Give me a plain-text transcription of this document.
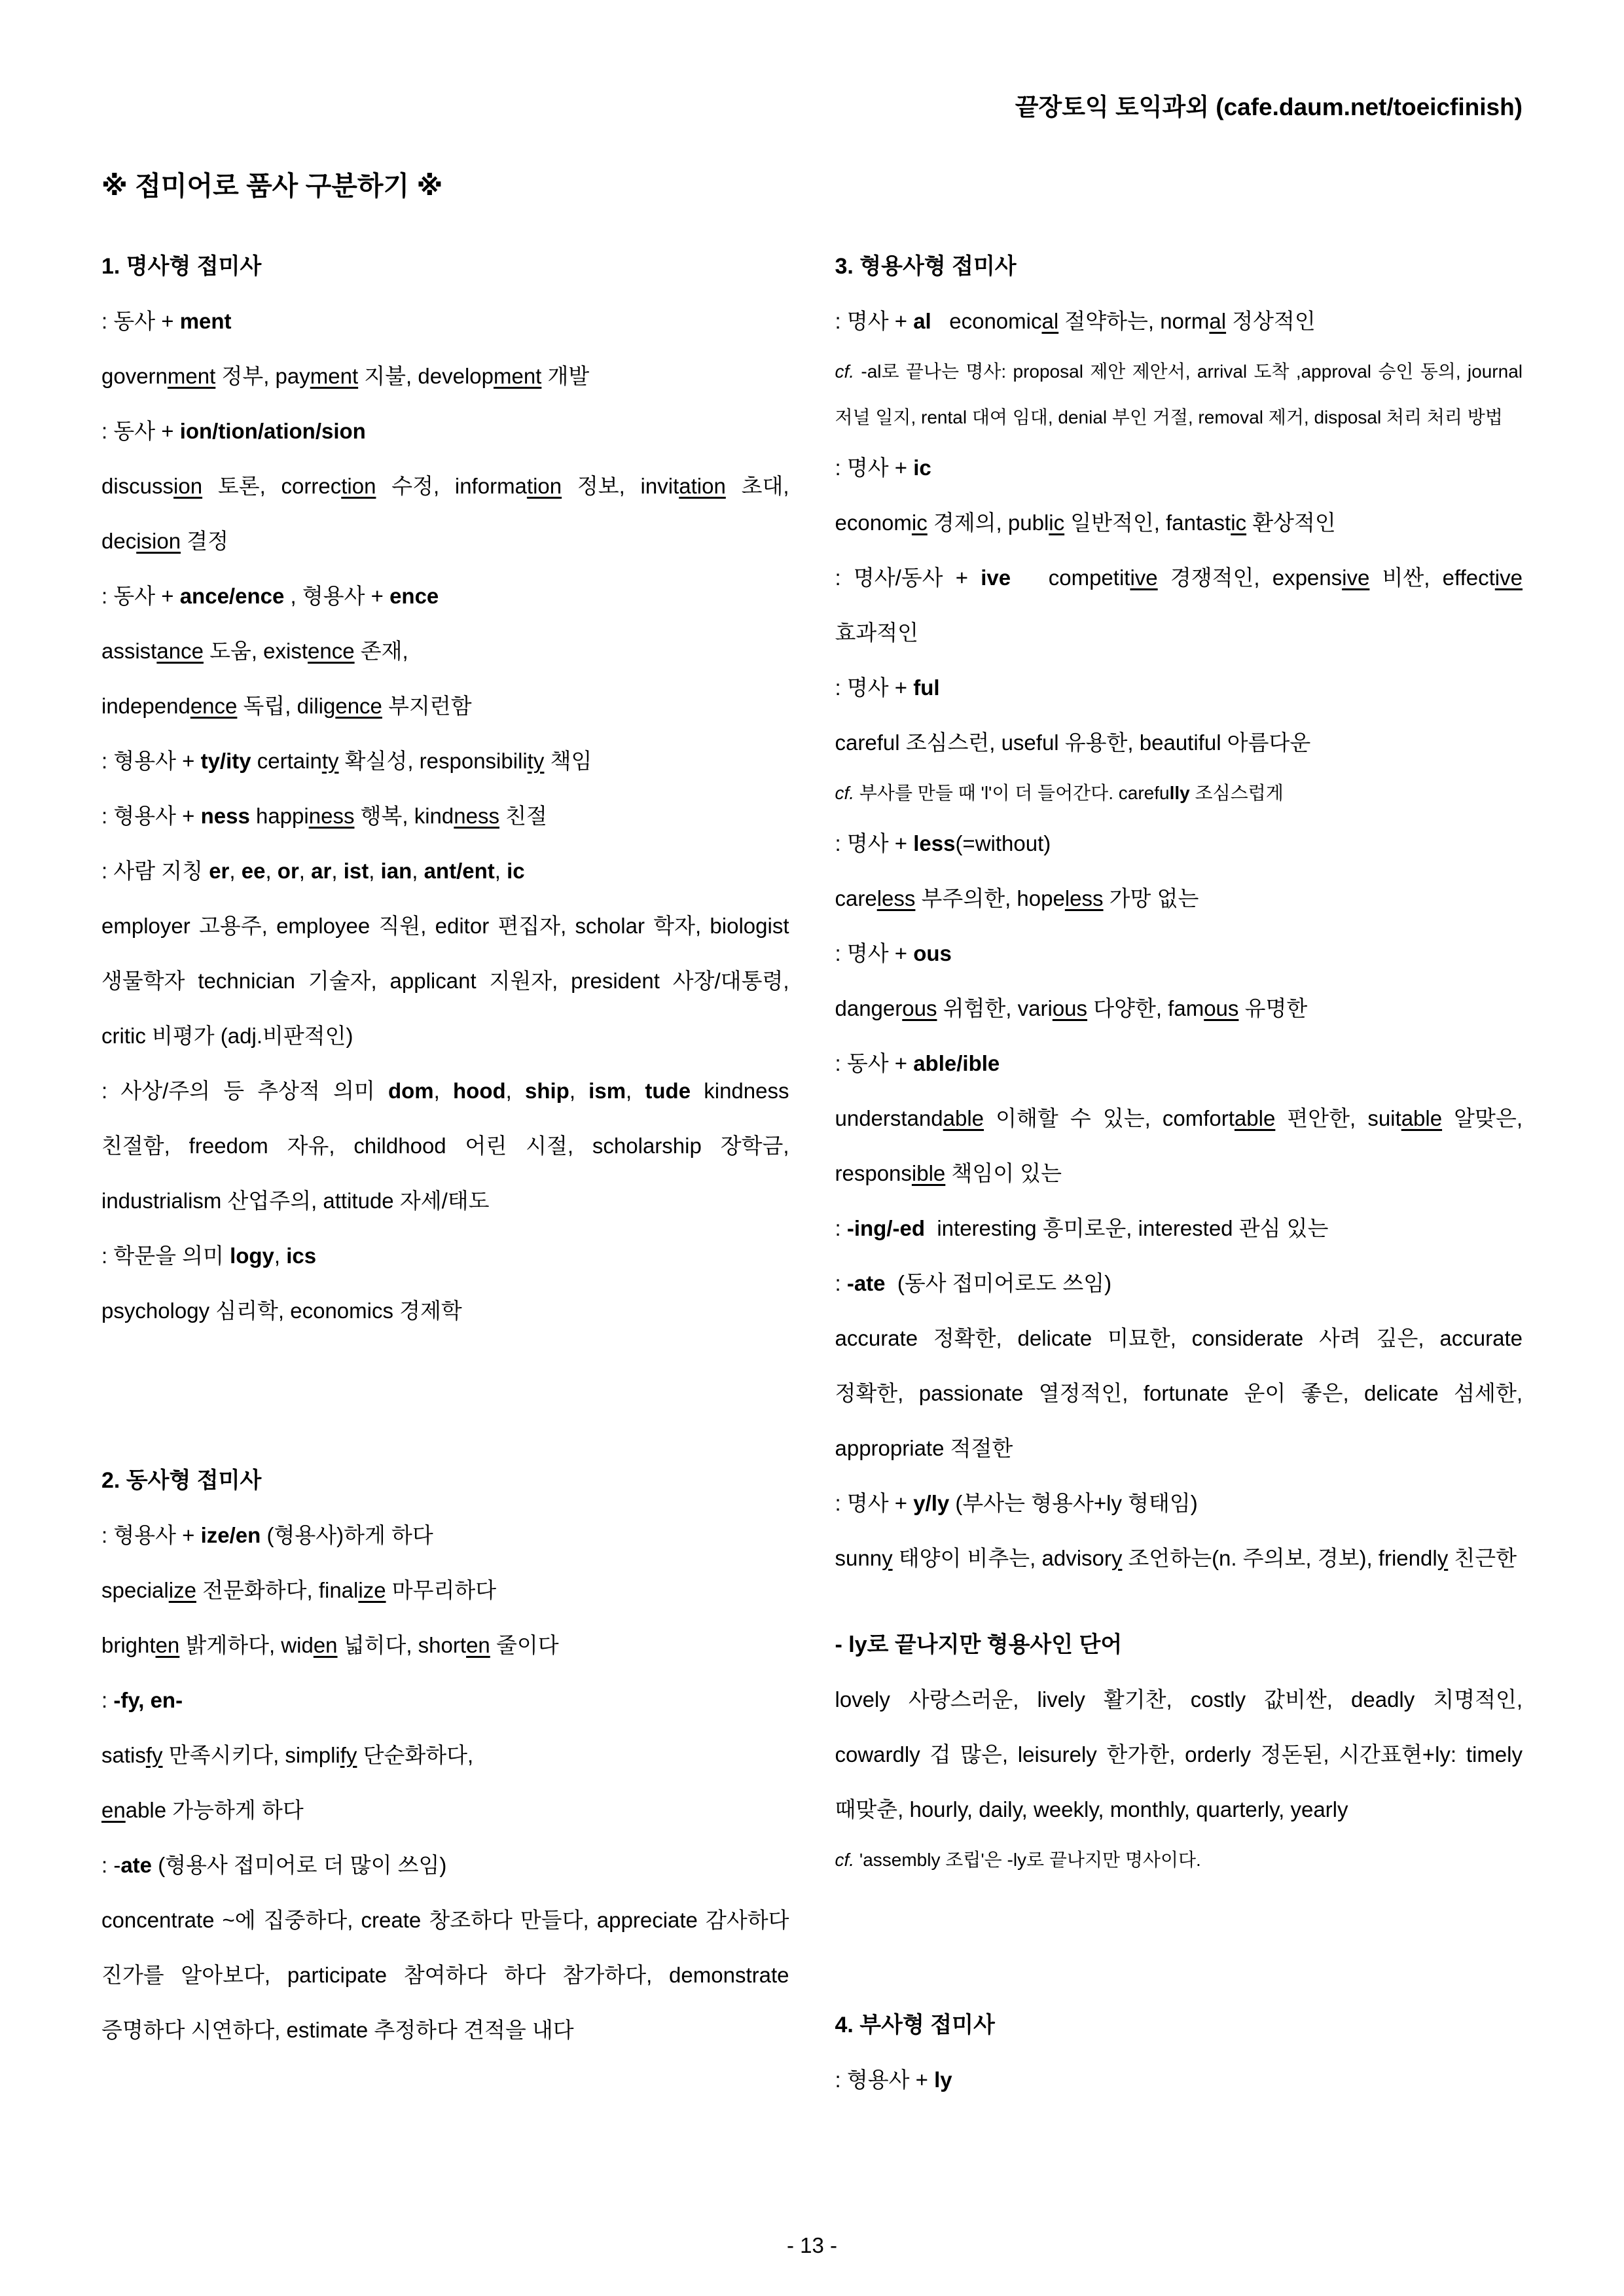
끝장토익 토익과외 (cafe.daum.net/toeicfinish)
※ 접미어로 품사 구분하기 ※
1. 명사형 접미사
: 동사 + ment
government 정부, payment 지불, development 개발
: 동사 + ion/tion/ation/sion
discussion 토론, correction 수정, information 정보, invitation 초대, decision 결정
: 동사 + ance/ence , 형용사 + ence
assistance 도움, existence 존재,
independence 독립, diligence 부지런함
: 형용사 + ty/ity certainty 확실성, responsibility 책임
: 형용사 + ness happiness 행복, kindness 친절
: 사람 지칭 er, ee, or, ar, ist, ian, ant/ent, ic
employer 고용주, employee 직원, editor 편집자, scholar 학자, biologist 생물학자 technician 기술자, applicant 지원자, president 사장/대통령, critic 비평가 (adj.비판적인)
: 사상/주의 등 추상적 의미 dom, hood, ship, ism, tude kindness 친절함, freedom 자유, childhood 어린 시절, scholarship 장학금, industrialism 산업주의, attitude 자세/태도
: 학문을 의미 logy, ics
psychology 심리학, economics 경제학
2. 동사형 접미사
: 형용사 + ize/en (형용사)하게 하다
specialize 전문화하다, finalize 마무리하다
brighten 밝게하다, widen 넓히다, shorten 줄이다
: -fy, en-
satisfy 만족시키다, simplify 단순화하다,
enable 가능하게 하다
: -ate (형용사 접미어로 더 많이 쓰임)
concentrate ~에 집중하다, create 창조하다 만들다, appreciate 감사하다 진가를 알아보다, participate 참여하다 하다 참가하다, demonstrate 증명하다 시연하다, estimate 추정하다 견적을 내다
3. 형용사형 접미사
: 명사 + al   economical 절약하는, normal 정상적인
cf. -al로 끝나는 명사: proposal 제안 제안서, arrival 도착 ,approval 승인 동의, journal 저널 일지, rental 대여 임대, denial 부인 거절, removal 제거, disposal 처리 처리 방법
: 명사 + ic
economic 경제의, public 일반적인, fantastic 환상적인
: 명사/동사 + ive   competitive 경쟁적인, expensive 비싼, effective 효과적인
: 명사 + ful
careful 조심스런, useful 유용한, beautiful 아름다운
cf. 부사를 만들 때 'l'이 더 들어간다. carefully 조심스럽게
: 명사 + less(=without)
careless 부주의한, hopeless 가망 없는
: 명사 + ous
dangerous 위험한, various 다양한, famous 유명한
: 동사 + able/ible
understandable 이해할 수 있는, comfortable 편안한, suitable 알맞은, responsible 책임이 있는
: -ing/-ed  interesting 흥미로운, interested 관심 있는
: -ate  (동사 접미어로도 쓰임)
accurate 정확한, delicate 미묘한, considerate 사려 깊은, accurate 정확한, passionate 열정적인, fortunate 운이 좋은, delicate 섬세한, appropriate 적절한
: 명사 + y/ly (부사는 형용사+ly 형태임)
sunny 태양이 비추는, advisory 조언하는(n. 주의보, 경보), friendly 친근한
- ly로 끝나지만 형용사인 단어
lovely 사랑스러운, lively 활기찬, costly 값비싼, deadly 치명적인, cowardly 겁 많은, leisurely 한가한, orderly 정돈된, 시간표현+ly: timely 때맞춘, hourly, daily, weekly, monthly, quarterly, yearly
cf. 'assembly 조립'은 -ly로 끝나지만 명사이다.
4. 부사형 접미사
: 형용사 + ly
- 13 -
